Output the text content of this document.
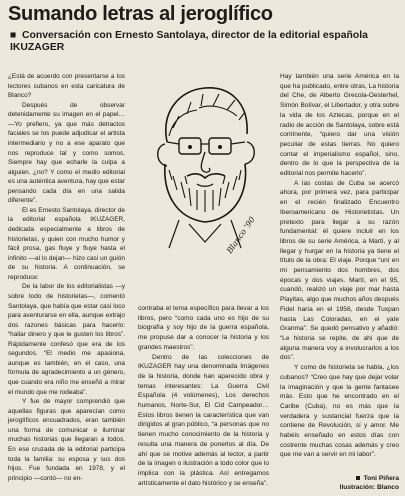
Sumando letras al jeroglífico
■ Conversación con Ernesto Santolaya, director de la editorial española IKUZAGER

¿Está de acuerdo con presentarse a los lectores cubanos en esta caricatura de Blanco?

Después de observar detenidamente su imagen en el papel… —Yo prefiero, ya que más detractos faciales se los puede adjudicar el artista intermediario y no a ese aparato que nos reproduce tal y como somos. Siempre hay que echarle la culpa a alguien. ¿no? Y como el medio editorial es una auténtica aventura, hay que estar pensando cada día en una salida diferente”.

El es Ernesto Santolaya, director de la editorial española IKUZAGER, dedicada especialmente a libros de historietas, y quien con mucho humor y fácil prosa, gas fluye y fluye hasta el infinito —al lo dejan— hizo casi un guión de su historia. A continuación, se reproduce:

De la labor de los editorialistas —y sobre todo de historietas—, comentó Santolaya, que había que estar casi loco para aventurarse en ella, aunque extrajo dos razones básicas para hacerlo: “hallar dinero y que le gusten los libros”. Rápidamente confesó que era de los segundos. “El medio me apasiona, aunque es también, en el caso, una fórmula de agradecimiento a un género, que cuando era niño me enseñó a mirar el mundo que me rodeaba”.

Y fue de mayor comprendió que aquellas figuras que aparecían como jeroglíficos encuadrados, eran también una forma de comunicar e iluminar muchas historias que llegaran a todos. En ese cruzada de la editorial participa toda la familia: su esposa y sus dos hijos. Fue fundada en 1978, y el principio —contó— no en-

Blanco '90

contraba el tema específico para llevar a los libros, pero “como cada uno es hijo de su biografía y soy hijo de la guerra española, me propuse dar a conocer la historia y los grandes maestros”.

Dentro de las colecciones de IKUZAGER hay una denominada Imágenes de la historia, donde han aparecido obra y temas interesantes: La Guerra Civil Española (4 volúmenes), Los derechos humanos, Norte-Sur, El Cid Campeador… Estos libros tienen la característica que van dirigidos al gran público, “a personas que no tienen mucho conocimiento de la historia y resulta una manera de ponerlos al día. De ahí que se motive además al lector, a partir de la imagen o ilustración a todo color que lo implica con la plástica. Así entregamos artísticamente el dato histórico y se enseña”.

Hay también una serie América en la que ha publicado, entre otras, La historia del Che, de Alberto Grecola-Oesterhel, Simón Bolívar, el Libertador, y otra sobre la vida de los Aztecas, porque en el radio de acción de Santolaya, sobre está contínente, “quiero dar una visión peculiar de estas tierras. No quiero contar el imperialismo español, sino, dentro de lo que la perspectiva de la editorial nos permite hacerlo”.

A las costas de Cuba se acercó ahora, por primera vez, para participar en el recién finalizado Encuentro Iberoamericano de Historietistas. Un pretexto para llegar a su razón fundamental: él quiere incluir en los libros de su serie América, a Martí, y al llegar y hurgar en la historia ya tiene el título de la obra: El viaje. Porque “uní en mi pensamiento dos hombres, dos épocas y dos viajes. Martí, en el 95, cuandó, realizó un viaje por mar hasta Playitas, algo que muchos años después Fidel haría en el 1956, desde Tuxpan hasta Las Coloradas, en el yate Granma”. Se quedó pensativo y añadió: “Le historia se repite, de ahí que de alguna manera voy a involucrarlos a los dos”.

Y como de historieta se habla, ¿los cubanos? “Creo que hay que dejar volar la imaginación y que la gente fantasee más. Esto que he encontrado en el Caribe (Cuba), no es más que la verdadera y sustancial fuerza que la contiene de Revolución, sí y amor. Me habéis enseñado en estos días con costrente muchas cosas además y creo que me van a servir en mi labor”.

Toni Piñera
Ilustración: Blanco
